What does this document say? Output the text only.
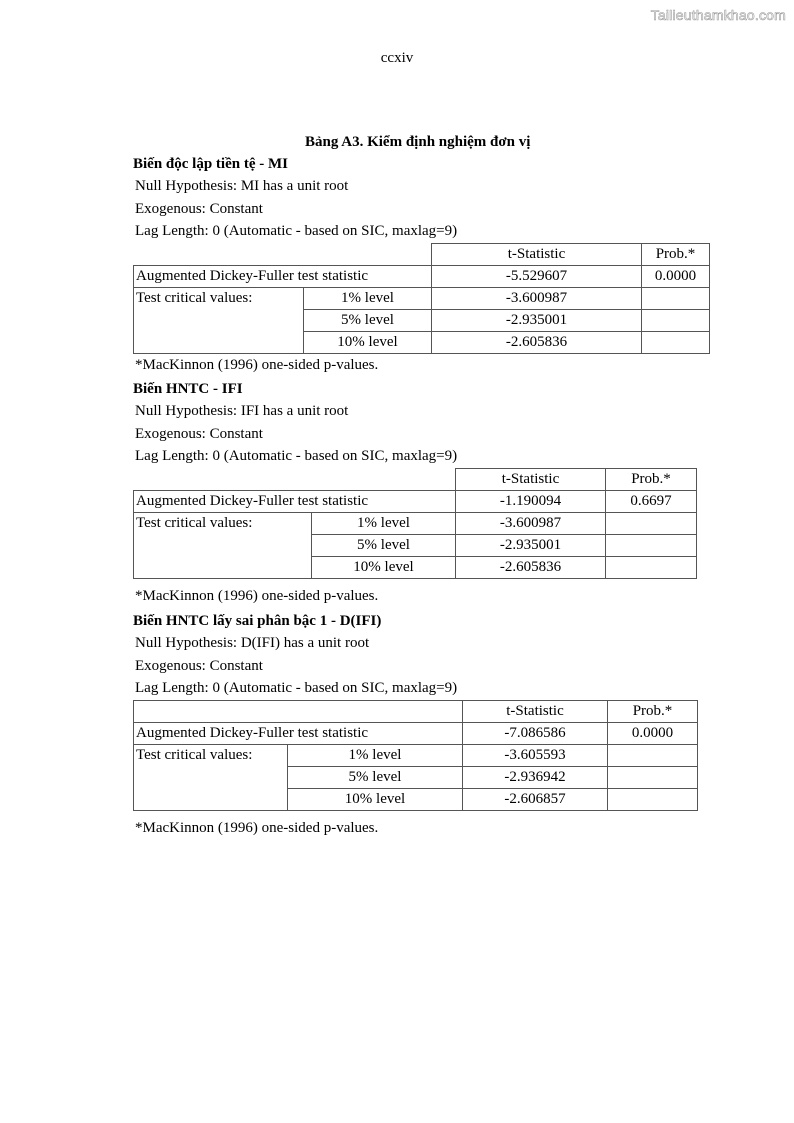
Tailieuthamkhao.com
ccxiv
Bảng A3. Kiểm định nghiệm đơn vị
Biến độc lập tiền tệ - MI
Null Hypothesis: MI has a unit root
Exogenous: Constant
Lag Length: 0 (Automatic - based on SIC, maxlag=9)
		t-Statistic	Prob.*
Augmented Dickey-Fuller test statistic		-5.529607	0.0000
Test critical values:	1% level	-3.600987	
	5% level	-2.935001	
	10% level	-2.605836	
*MacKinnon (1996) one-sided p-values.
Biến HNTC - IFI
Null Hypothesis: IFI has a unit root
Exogenous: Constant
Lag Length: 0 (Automatic - based on SIC, maxlag=9)
		t-Statistic	Prob.*
Augmented Dickey-Fuller test statistic		-1.190094	0.6697
Test critical values:	1% level	-3.600987	
	5% level	-2.935001	
	10% level	-2.605836	
*MacKinnon (1996) one-sided p-values.
Biến HNTC lấy sai phân bậc 1 - D(IFI)
Null Hypothesis: D(IFI) has a unit root
Exogenous: Constant
Lag Length: 0 (Automatic - based on SIC, maxlag=9)
		t-Statistic	Prob.*
Augmented Dickey-Fuller test statistic		-7.086586	0.0000
Test critical values:	1% level	-3.605593	
	5% level	-2.936942	
	10% level	-2.606857	
*MacKinnon (1996) one-sided p-values.
